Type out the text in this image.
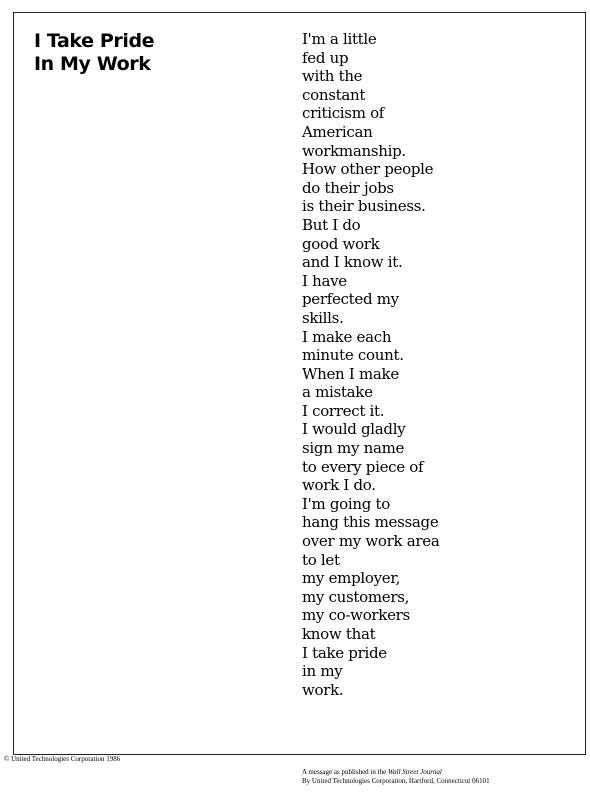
I Take Pride
In My Work
I'm a little
fed up
with the
constant
criticism of
American
workmanship.
How other people
do their jobs
is their business.
But I do
good work
and I know it.
I have
perfected my
skills.
I make each
minute count.
When I make
a mistake
I correct it.
I would gladly
sign my name
to every piece of
work I do.
I'm going to
hang this message
over my work area
to let
my employer,
my customers,
my co-workers
know that
I take pride
in my
work.
© United Technologies Corporation 1986
A message as published in the Wall Street Journal
By United Technologies Corporation, Hartford, Connecticut 06101
